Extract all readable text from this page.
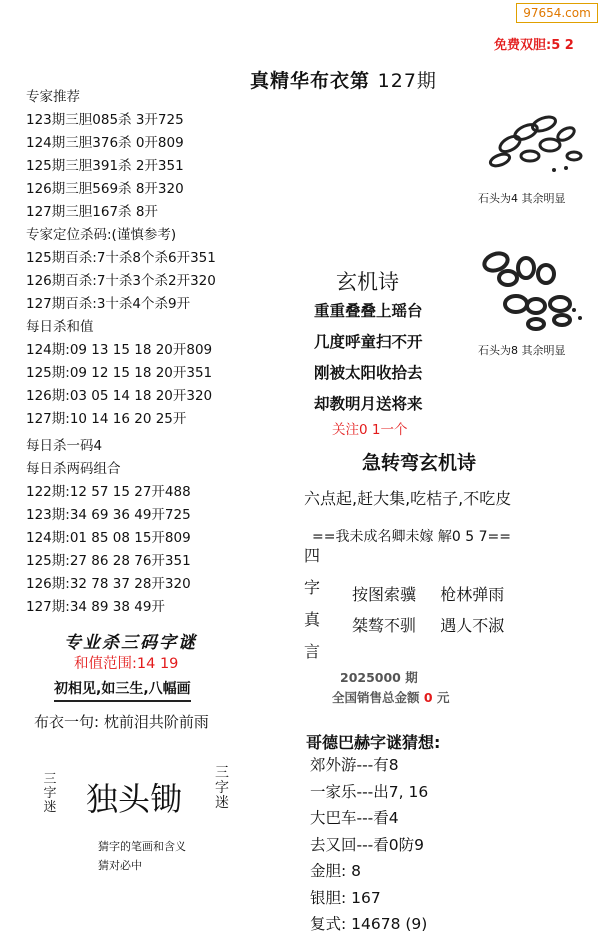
97654.com
免费双胆:5 2
真精华布衣第 127期
专家推荐
123期三胆085杀 3开725
124期三胆376杀 0开809
125期三胆391杀 2开351
126期三胆569杀 8开320
127期三胆167杀 8开
专家定位杀码:(谨慎参考)
125期百杀:7十杀8个杀6开351
126期百杀:7十杀3个杀2开320
127期百杀:3十杀4个杀9开
每日杀和值
124期:09 13 15 18 20开809
125期:09 12 15 18 20开351
126期:03 05 14 18 20开320
127期:10 14 16 20 25开
每日杀一码4
每日杀两码组合
122期:12 57 15 27开488
123期:34 69 36 49开725
124期:01 85 08 15开809
125期:27 86 28 76开351
126期:32 78 37 28开320
127期:34 89 38 49开
专业杀三码字谜
和值范围:14 19
初相见,如三生,八幅画
布衣一句: 枕前泪共阶前雨
三字迷 独头锄
三字迷
猜字的笔画和含义
猜对必中
石头为4 其余明显
石头为8 其余明显
玄机诗
重重叠叠上瑶台
几度呼童扫不开
刚被太阳收拾去
却教明月送将来
关注0 1一个
急转弯玄机诗
六点起,赶大集,吃桔子,不吃皮
==我未成名卿未嫁 解0 5 7==
四
字
真
言
按图索骥 枪林弹雨
桀骜不驯 遇人不淑
2025000 期
全国销售总金额 0 元
哥德巴赫字谜猜想:
郊外游---有8
一家乐---出7, 16
大巴车---看4
去又回---看0防9
金胆: 8
银胆: 167
复式: 14678 (9)
